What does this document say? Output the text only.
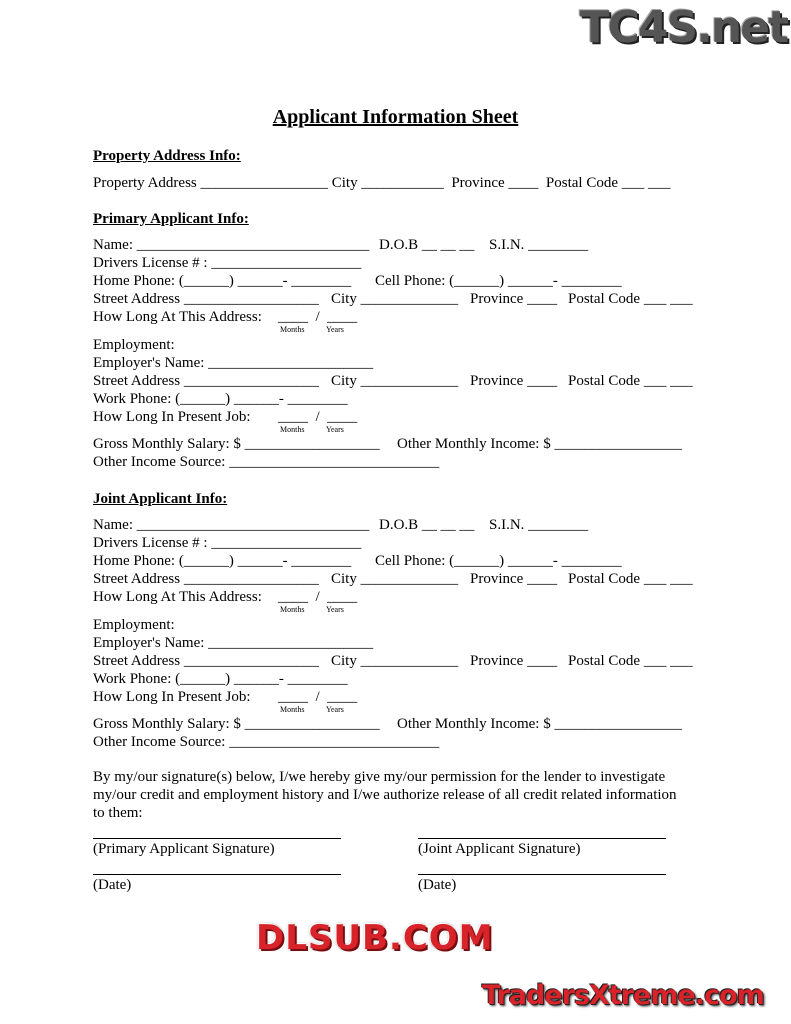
TC4S.net
Applicant Information Sheet
Property Address Info:
Property Address _________________ City ___________  Province ____  Postal Code ___ ___
Primary Applicant Info:
Name: _______________________________ D.O.B __ __ __ S.I.N. ________
Drivers License # : ____________________
Home Phone: (______) ______- ________ Cell Phone: (______) ______- ________
Street Address __________________ City _____________ Province ____ Postal Code ___ ___
How Long At This Address: ____  /  ____
Months	Years
Employment:
Employer's Name: ______________________
Street Address __________________ City _____________ Province ____ Postal Code ___ ___
Work Phone: (______) ______- ________
How Long In Present Job: ____  /  ____
Months	Years
Gross Monthly Salary: $ __________________ Other Monthly Income: $ _________________
Other Income Source: ____________________________
Joint Applicant Info:
Name: _______________________________ D.O.B __ __ __ S.I.N. ________
Drivers License # : ____________________
Home Phone: (______) ______- ________ Cell Phone: (______) ______- ________
Street Address __________________ City _____________ Province ____ Postal Code ___ ___
How Long At This Address: ____  /  ____
Months	Years
Employment:
Employer's Name: ______________________
Street Address __________________ City _____________ Province ____ Postal Code ___ ___
Work Phone: (______) ______- ________
How Long In Present Job: ____  /  ____
Months	Years
Gross Monthly Salary: $ __________________ Other Monthly Income: $ _________________
Other Income Source: ____________________________
By my/our signature(s) below, I/we hereby give my/our permission for the lender to investigate
my/our credit and employment history and I/we authorize release of all credit related information
to them:
(Primary Applicant Signature)	(Joint Applicant Signature)
(Date)	(Date)
DLSUB.COM
TradersXtreme.com
